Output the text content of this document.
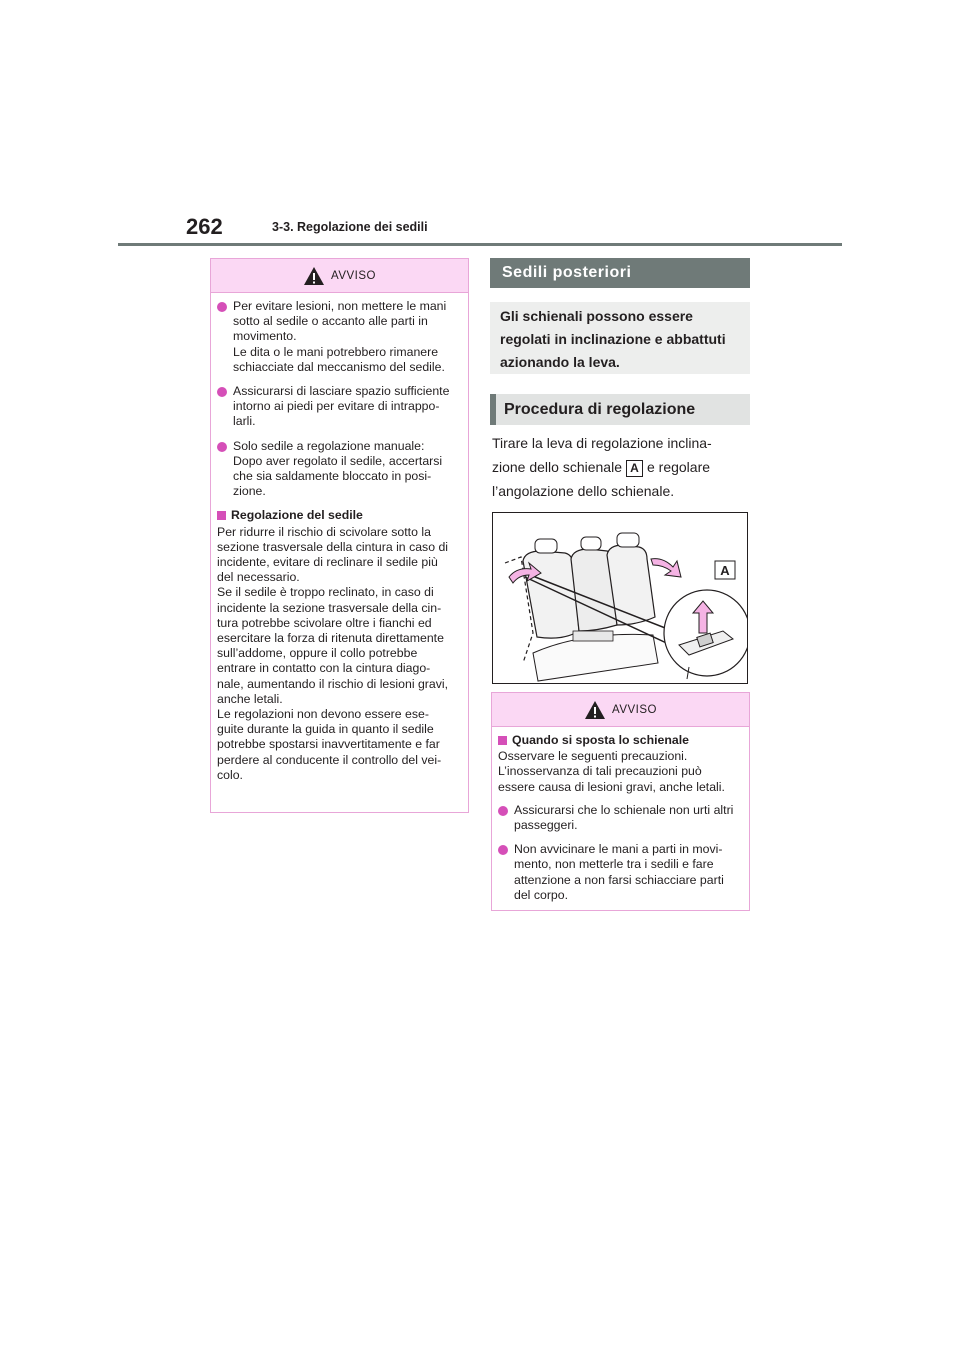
262	3-3. Regolazione dei sedili
AVVISO
Per evitare lesioni, non mettere le mani
sotto al sedile o accanto alle parti in
movimento.
Le dita o le mani potrebbero rimanere
schiacciate dal meccanismo del sedile.
Assicurarsi di lasciare spazio sufficiente
intorno ai piedi per evitare di intrappo-
larli.
Solo sedile a regolazione manuale:
Dopo aver regolato il sedile, accertarsi
che sia saldamente bloccato in posi-
zione.
Regolazione del sedile
Per ridurre il rischio di scivolare sotto la
sezione trasversale della cintura in caso di
incidente, evitare di reclinare il sedile più
del necessario.
Se il sedile è troppo reclinato, in caso di
incidente la sezione trasversale della cin-
tura potrebbe scivolare oltre i fianchi ed
esercitare la forza di ritenuta direttamente
sull’addome, oppure il collo potrebbe
entrare in contatto con la cintura diago-
nale, aumentando il rischio di lesioni gravi,
anche letali.
Le regolazioni non devono essere ese-
guite durante la guida in quanto il sedile
potrebbe spostarsi inavvertitamente e far
perdere al conducente il controllo del vei-
colo.
Sedili posteriori
Gli schienali possono essere
regolati in inclinazione e abbattuti
azionando la leva.
Procedura di regolazione
Tirare la leva di regolazione inclina-
zione dello schienale A e regolare
l’angolazione dello schienale.
A
AVVISO
Quando si sposta lo schienale
Osservare le seguenti precauzioni.
L’inosservanza di tali precauzioni può
essere causa di lesioni gravi, anche letali.
Assicurarsi che lo schienale non urti altri
passeggeri.
Non avvicinare le mani a parti in movi-
mento, non metterle tra i sedili e fare
attenzione a non farsi schiacciare parti
del corpo.
